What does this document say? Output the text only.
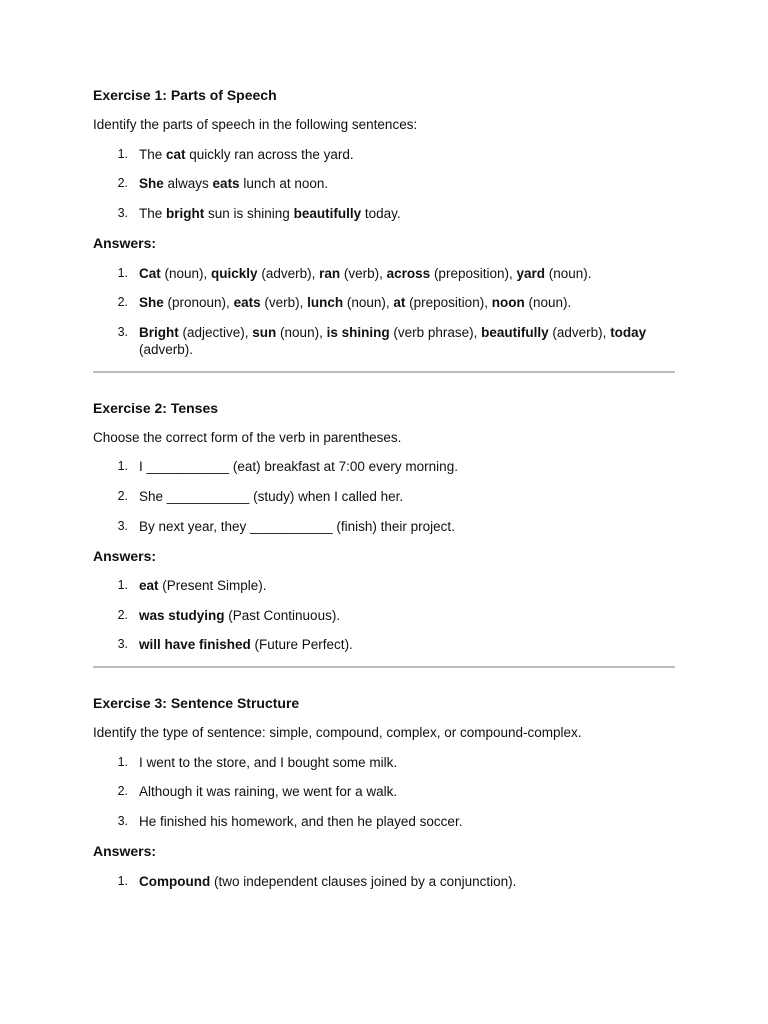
Exercise 1: Parts of Speech
Identify the parts of speech in the following sentences:
1. The cat quickly ran across the yard.
2. She always eats lunch at noon.
3. The bright sun is shining beautifully today.
Answers:
1. Cat (noun), quickly (adverb), ran (verb), across (preposition), yard (noun).
2. She (pronoun), eats (verb), lunch (noun), at (preposition), noon (noun).
3. Bright (adjective), sun (noun), is shining (verb phrase), beautifully (adverb), today (adverb).
Exercise 2: Tenses
Choose the correct form of the verb in parentheses.
1. I ___________ (eat) breakfast at 7:00 every morning.
2. She ___________ (study) when I called her.
3. By next year, they ___________ (finish) their project.
Answers:
1. eat (Present Simple).
2. was studying (Past Continuous).
3. will have finished (Future Perfect).
Exercise 3: Sentence Structure
Identify the type of sentence: simple, compound, complex, or compound-complex.
1. I went to the store, and I bought some milk.
2. Although it was raining, we went for a walk.
3. He finished his homework, and then he played soccer.
Answers:
1. Compound (two independent clauses joined by a conjunction).
